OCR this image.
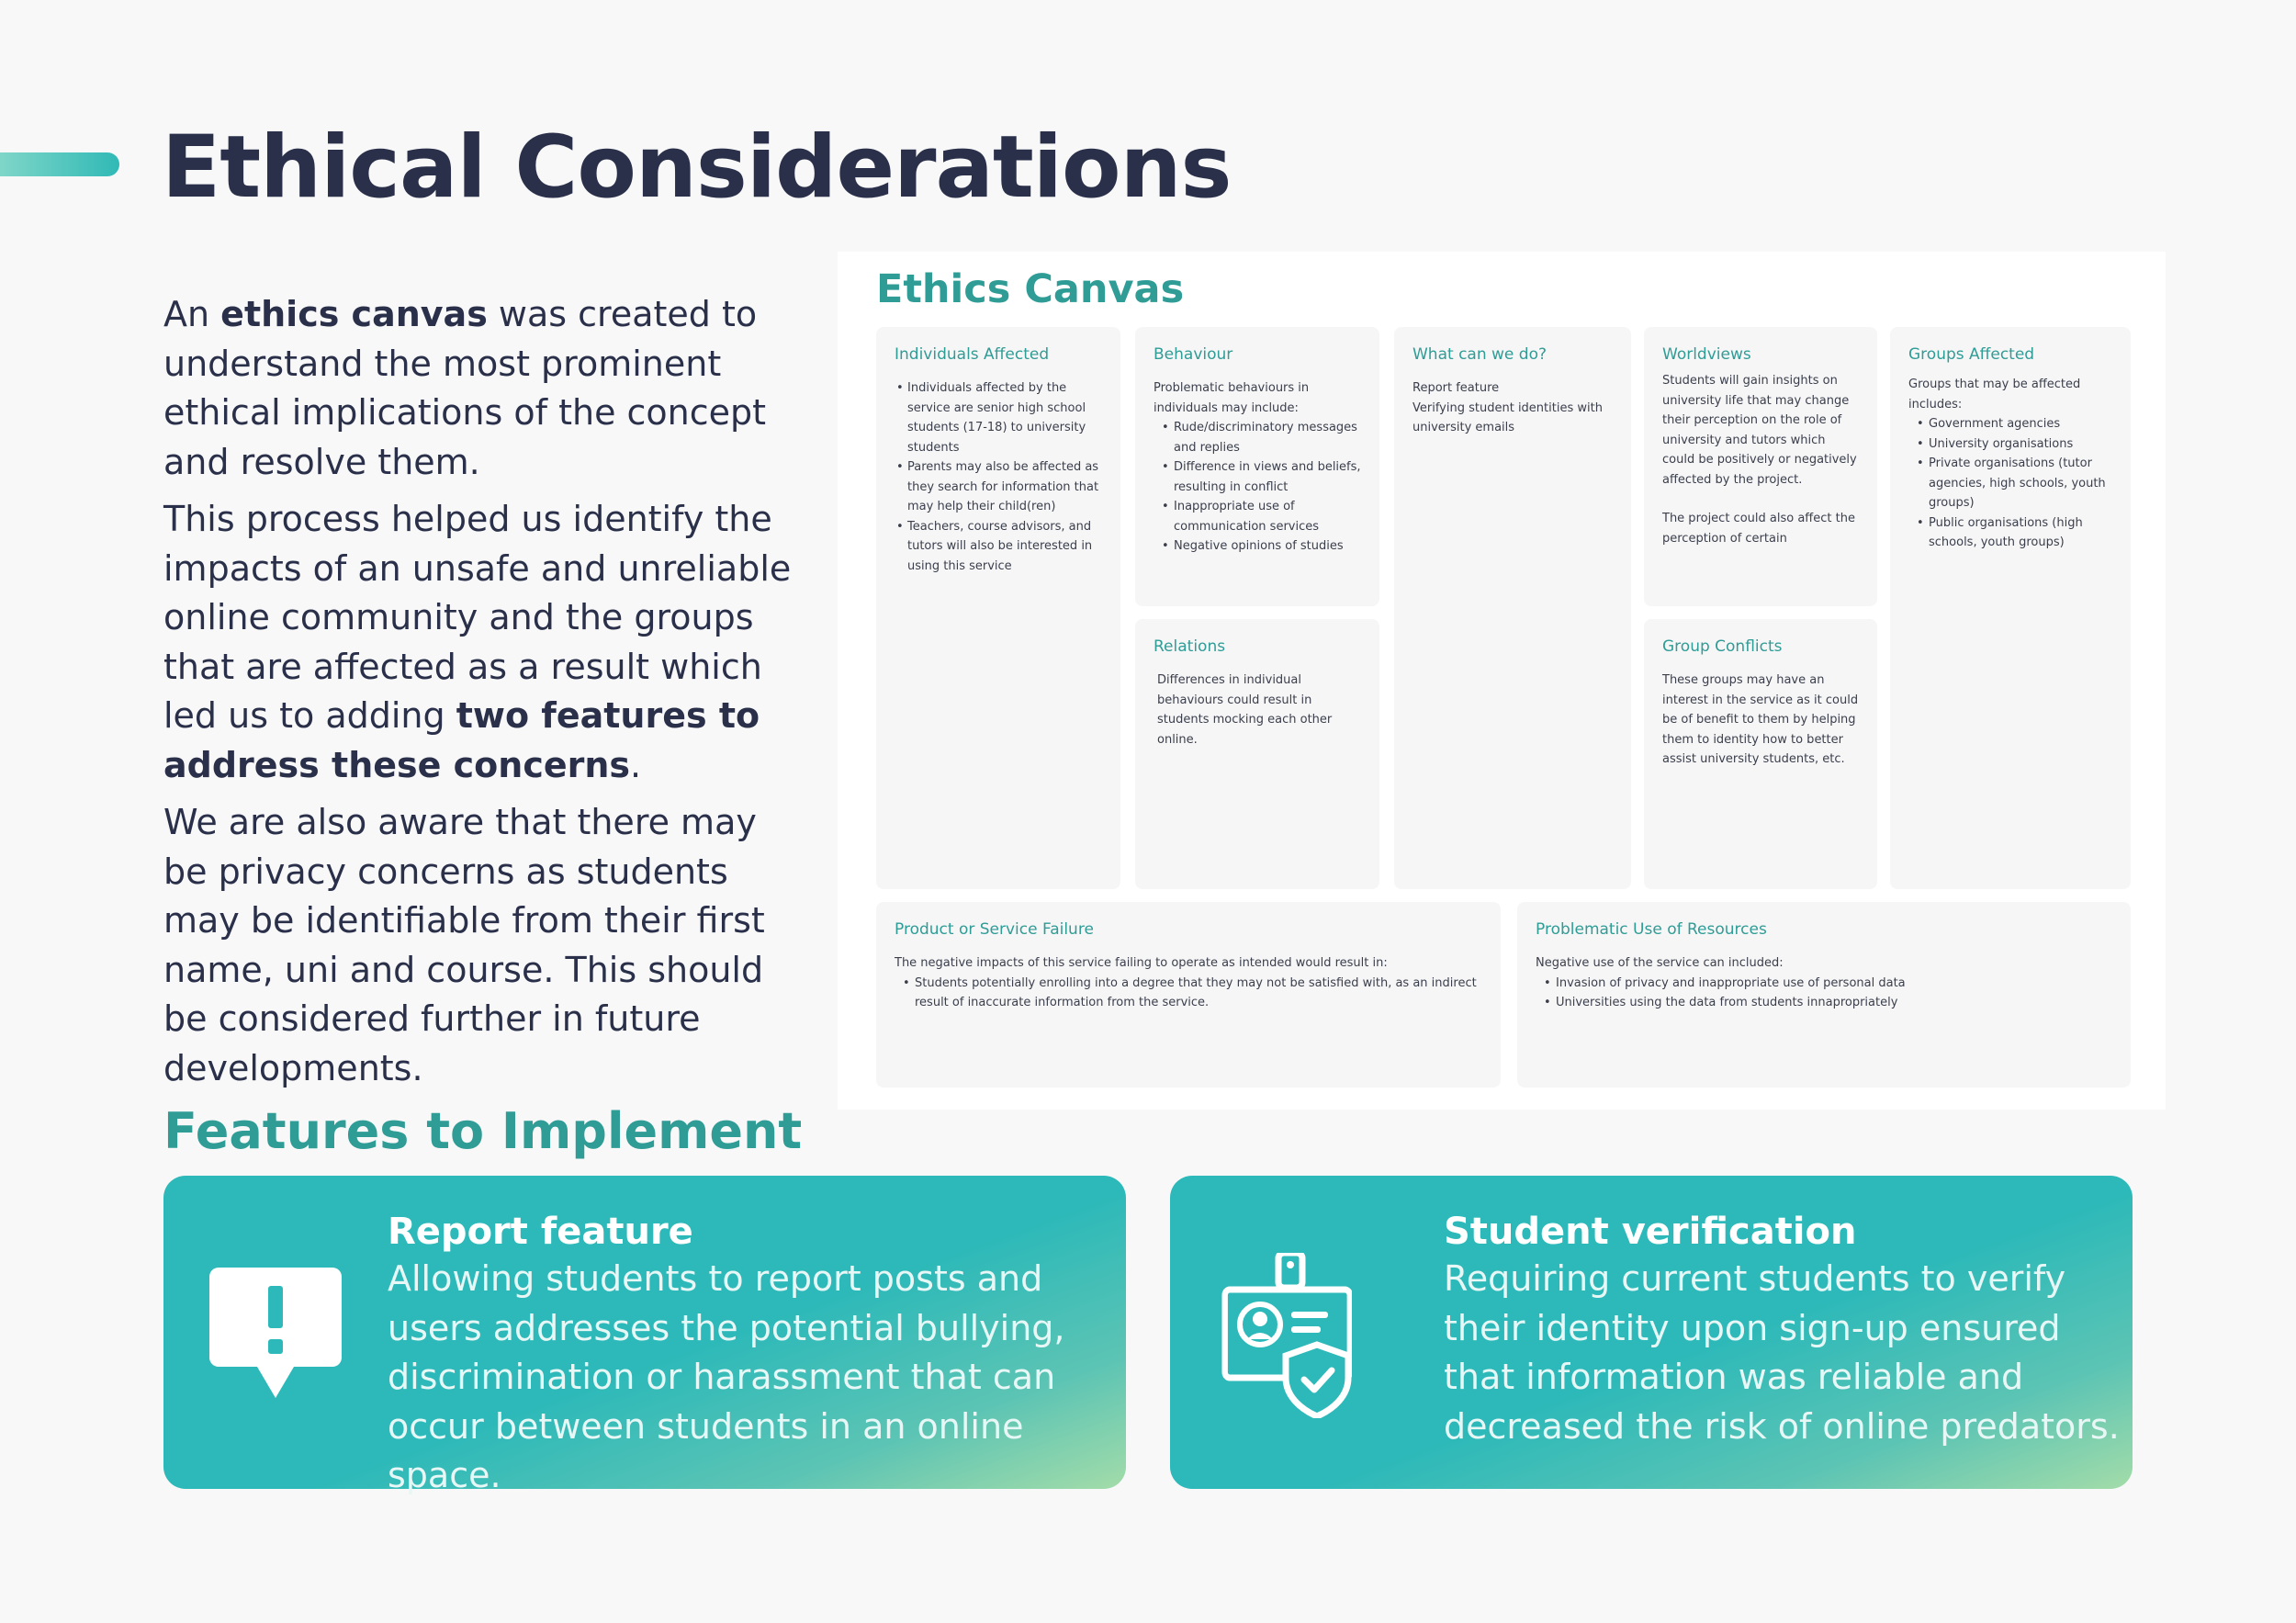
Ethical Considerations

An ethics canvas was created to understand the most prominent ethical implications of the concept and resolve them.

This process helped us identify the impacts of an unsafe and unreliable online community and the groups that are affected as a result which led us to adding two features to address these concerns.

We are also aware that there may be privacy concerns as students may be identifiable from their first name, uni and course. This should be considered further in future developments.

Ethics Canvas
Individuals Affected
• Individuals affected by the service are senior high school students (17-18) to university students
• Parents may also be affected as they search for information that may help their child(ren)
• Teachers, course advisors, and tutors will also be interested in using this service
Behaviour
Problematic behaviours in individuals may include:
• Rude/discriminatory messages and replies
• Difference in views and beliefs, resulting in conflict
• Inappropriate use of communication services
• Negative opinions of studies
Relations
Differences in individual behaviours could result in students mocking each other online.
What can we do?
Report feature
Verifying student identities with university emails
Worldviews
Students will gain insights on university life that may change their perception on the role of university and tutors which could be positively or negatively affected by the project.
The project could also affect the perception of certain
Group Conflicts
These groups may have an interest in the service as it could be of benefit to them by helping them to identity how to better assist university students, etc.
Groups Affected
Groups that may be affected includes:
• Government agencies
• University organisations
• Private organisations (tutor agencies, high schools, youth groups)
• Public organisations (high schools, youth groups)
Product or Service Failure
The negative impacts of this service failing to operate as intended would result in:
• Students potentially enrolling into a degree that they may not be satisfied with, as an indirect result of inaccurate information from the service.
Problematic Use of Resources
Negative use of the service can included:
• Invasion of privacy and inappropriate use of personal data
• Universities using the data from students innapropriately
Features to Implement
Report feature
Allowing students to report posts and users addresses the potential bullying, discrimination or harassment that can occur between students in an online space.
Student verification
Requiring current students to verify their identity upon sign-up ensured that information was reliable and decreased the risk of online predators.
